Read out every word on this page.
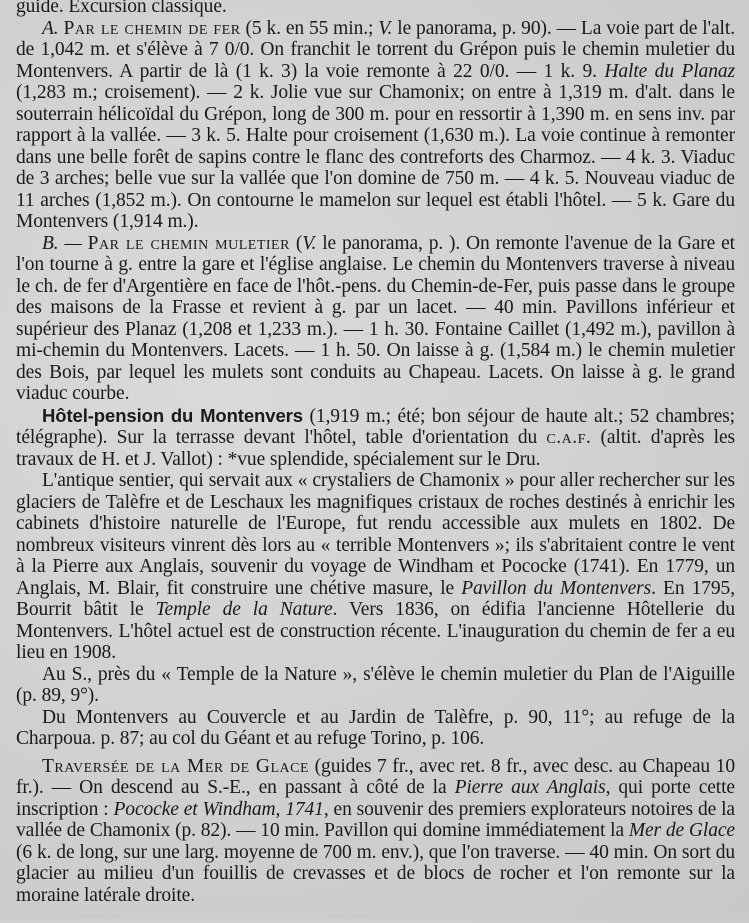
guide. Excursion classique.

A. Par le chemin de fer (5 k. en 55 min.; V. le panorama, p. 90). — La voie part de l'alt. de 1,042 m. et s'élève à 7 0/0. On franchit le torrent du Grépon puis le chemin muletier du Montenvers. A partir de là (1 k. 3) la voie remonte à 22 0/0. — 1 k. 9. Halte du Planaz (1,283 m.; croisement). — 2 k. Jolie vue sur Chamonix; on entre à 1,319 m. d'alt. dans le souterrain hélicoïdal du Grépon, long de 300 m. pour en ressortir à 1,390 m. en sens inv. par rapport à la vallée. — 3 k. 5. Halte pour croisement (1,630 m.). La voie continue à remonter dans une belle forêt de sapins contre le flanc des contreforts des Charmoz. — 4 k. 3. Viaduc de 3 arches; belle vue sur la vallée que l'on domine de 750 m. — 4 k. 5. Nouveau viaduc de 11 arches (1,852 m.). On contourne le mamelon sur lequel est établi l'hôtel. — 5 k. Gare du Montenvers (1,914 m.).

B. — Par le chemin muletier (V. le panorama, p. ). On remonte l'avenue de la Gare et l'on tourne à g. entre la gare et l'église anglaise. Le chemin du Montenvers traverse à niveau le ch. de fer d'Argentière en face de l'hôt.-pens. du Chemin-de-Fer, puis passe dans le groupe des maisons de la Frasse et revient à g. par un lacet. — 40 min. Pavillons inférieur et supérieur des Planaz (1,208 et 1,233 m.). — 1 h. 30. Fontaine Caillet (1,492 m.), pavillon à mi-chemin du Montenvers. Lacets. — 1 h. 50. On laisse à g. (1,584 m.) le chemin muletier des Bois, par lequel les mulets sont conduits au Chapeau. Lacets. On laisse à g. le grand viaduc courbe.

Hôtel-pension du Montenvers (1,919 m.; été; bon séjour de haute alt.; 52 chambres; télégraphe). Sur la terrasse devant l'hôtel, table d'orientation du c.a.f. (altit. d'après les travaux de H. et J. Vallot) : *vue splendide, spécialement sur le Dru.

L'antique sentier, qui servait aux « crystaliers de Chamonix » pour aller rechercher sur les glaciers de Talèfre et de Leschaux les magnifiques cristaux de roches destinés à enrichir les cabinets d'histoire naturelle de l'Europe, fut rendu accessible aux mulets en 1802. De nombreux visiteurs vinrent dès lors au « terrible Montenvers »; ils s'abritaient contre le vent à la Pierre aux Anglais, souvenir du voyage de Windham et Pococke (1741). En 1779, un Anglais, M. Blair, fit construire une chétive masure, le Pavillon du Montenvers. En 1795, Bourrit bâtit le Temple de la Nature. Vers 1836, on édifia l'ancienne Hôtellerie du Montenvers. L'hôtel actuel est de construction récente. L'inauguration du chemin de fer a eu lieu en 1908.

Au S., près du « Temple de la Nature », s'élève le chemin muletier du Plan de l'Aiguille (p. 89, 9°).

Du Montenvers au Couvercle et au Jardin de Talèfre, p. 90, 11°; au refuge de la Charpoua. p. 87; au col du Géant et au refuge Torino, p. 106.

Traversée de la Mer de Glace (guides 7 fr., avec ret. 8 fr., avec desc. au Chapeau 10 fr.). — On descend au S.-E., en passant à côté de la Pierre aux Anglais, qui porte cette inscription : Pococke et Windham, 1741, en souvenir des premiers explorateurs notoires de la vallée de Chamonix (p. 82). — 10 min. Pavillon qui domine immédiatement la Mer de Glace (6 k. de long, sur une larg. moyenne de 700 m. env.), que l'on traverse. — 40 min. On sort du glacier au milieu d'un fouillis de crevasses et de blocs de rocher et l'on remonte sur la moraine latérale droite.
